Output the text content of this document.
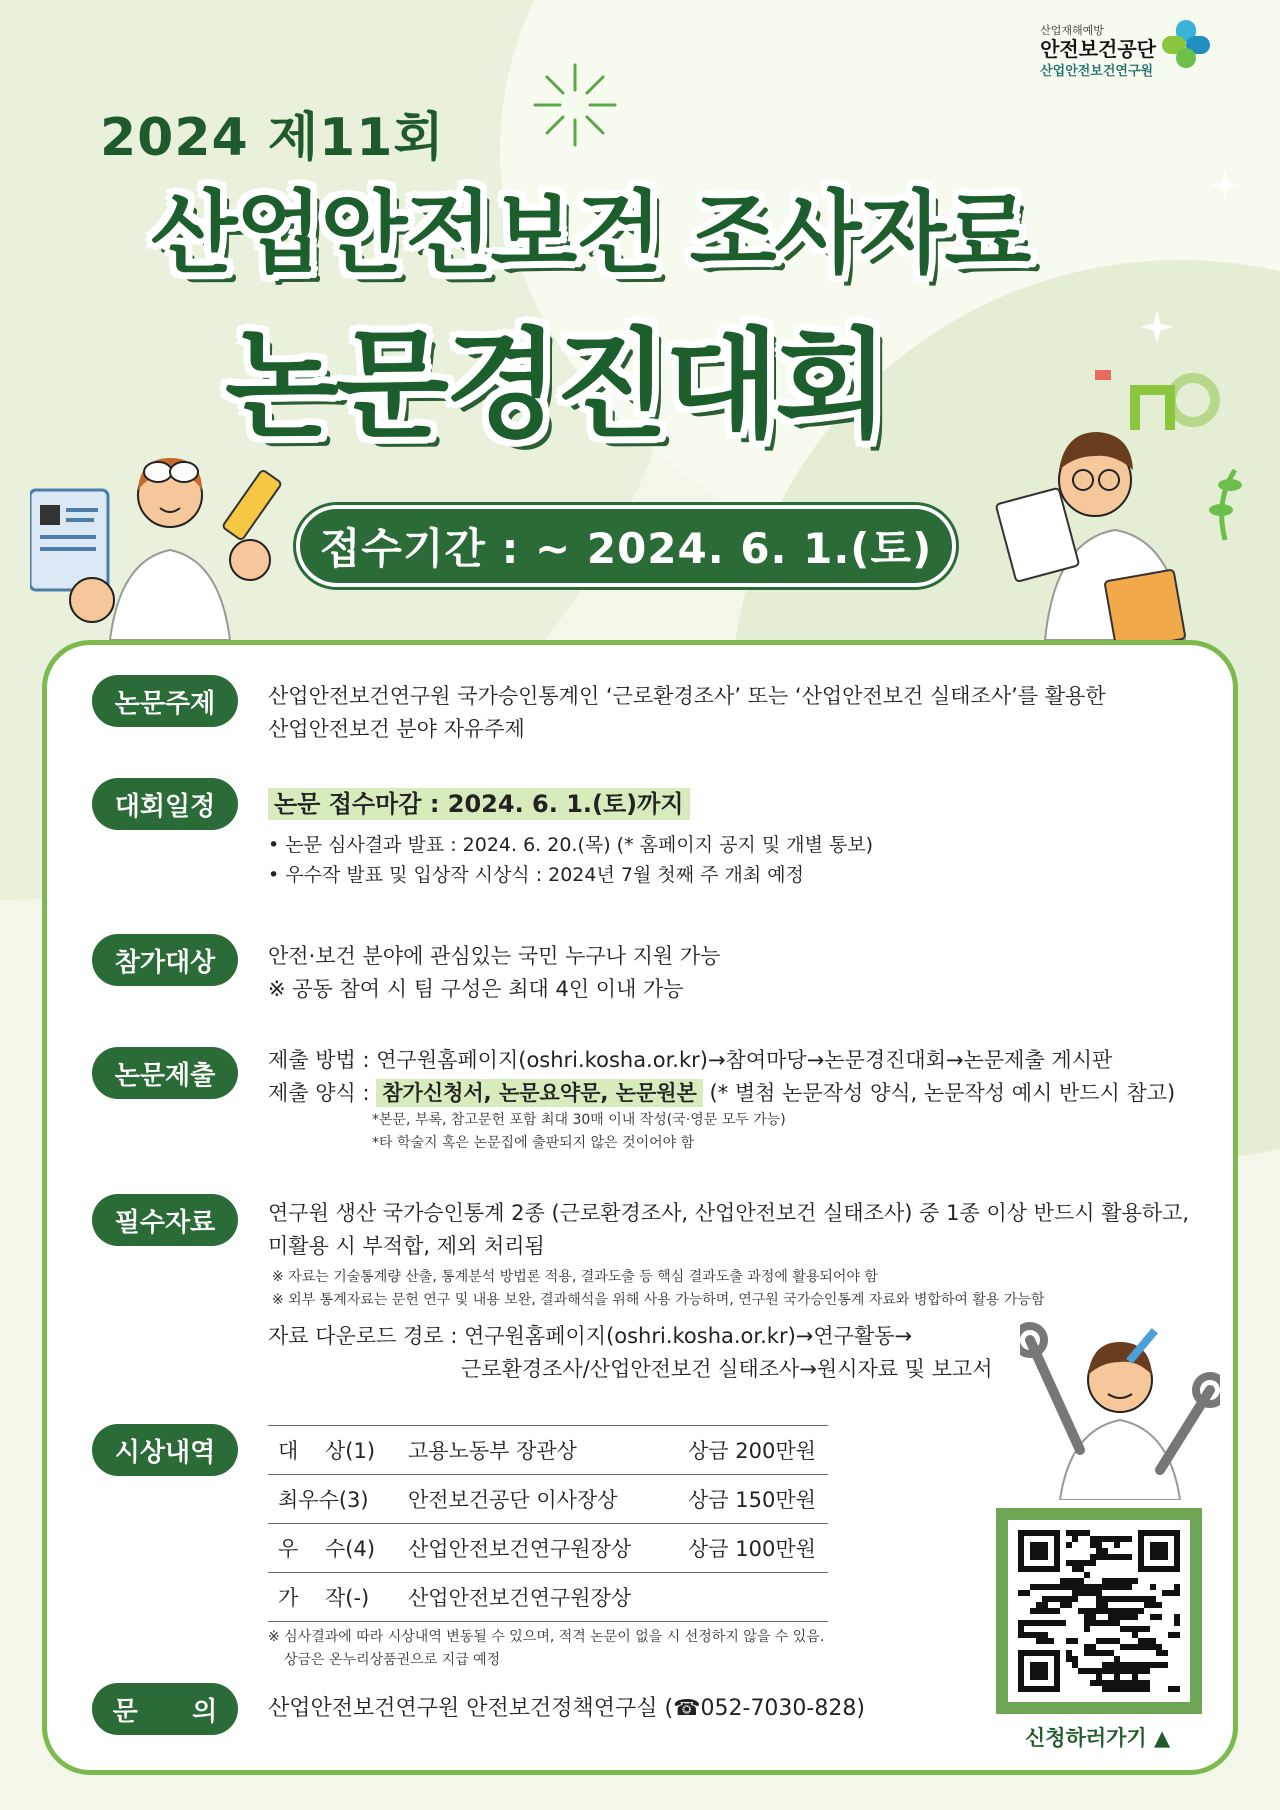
산업재해예방
안전보건공단
산업안전보건연구원
2024 제11회
산업안전보건 조사자료
논문경진대회
접수기간 : ~ 2024. 6. 1.(토)
논문주제	산업안전보건연구원 국가승인통계인 ‘근로환경조사’ 또는 ‘산업안전보건 실태조사’를 활용한
산업안전보건 분야 자유주제
대회일정	논문 접수마감 : 2024. 6. 1.(토)까지
• 논문 심사결과 발표 : 2024. 6. 20.(목) (* 홈페이지 공지 및 개별 통보)
• 우수작 발표 및 입상작 시상식 : 2024년 7월 첫째 주 개최 예정
참가대상	안전·보건 분야에 관심있는 국민 누구나 지원 가능
※ 공동 참여 시 팀 구성은 최대 4인 이내 가능
논문제출
제출 방법 : 연구원홈페이지(oshri.kosha.or.kr)→참여마당→논문경진대회→논문제출 게시판
제출 양식 : 참가신청서, 논문요약문, 논문원본 (* 별첨 논문작성 양식, 논문작성 예시 반드시 참고)
*본문, 부록, 참고문헌 포함 최대 30매 이내 작성(국·영문 모두 가능)
*타 학술지 혹은 논문집에 출판되지 않은 것이어야 함
필수자료	연구원 생산 국가승인통계 2종 (근로환경조사, 산업안전보건 실태조사) 중 1종 이상 반드시 활용하고,
미활용 시 부적합, 제외 처리됨
※ 자료는 기술통계량 산출, 통계분석 방법론 적용, 결과도출 등 핵심 결과도출 과정에 활용되어야 함
※ 외부 통계자료는 문헌 연구 및 내용 보완, 결과해석을 위해 사용 가능하며, 연구원 국가승인통계 자료와 병합하여 활용 가능함
자료 다운로드 경로 : 연구원홈페이지(oshri.kosha.or.kr)→연구활동→
근로환경조사/산업안전보건 실태조사→원시자료 및 보고서
시상내역	대    상(1)	고용노동부 장관상	상금 200만원
최우수(3)	안전보건공단 이사장상	상금 150만원
우    수(4)	산업안전보건연구원장상	상금 100만원
가    작(-)	산업안전보건연구원장상	
※ 심사결과에 따라 시상내역 변동될 수 있으며, 적격 논문이 없을 시 선정하지 않을 수 있음.
상금은 온누리상품권으로 지급 예정
문      의	산업안전보건연구원 안전보건정책연구실 (☎052-7030-828)
신청하러가기 ▲
